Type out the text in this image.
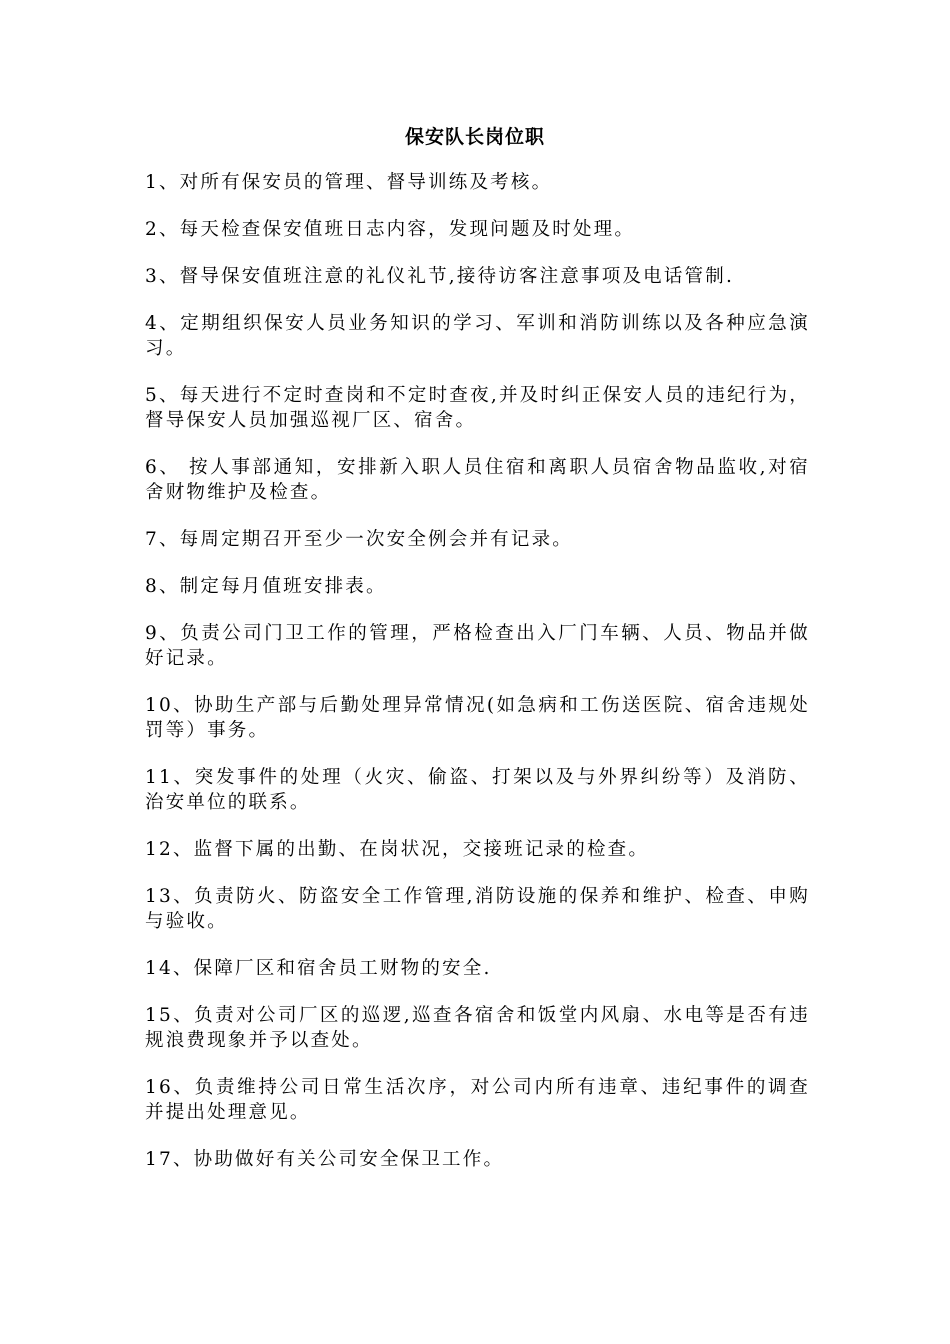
保安队长岗位职

1、对所有保安员的管理、督导训练及考核。

2、每天检查保安值班日志内容，发现问题及时处理。

3、督导保安值班注意的礼仪礼节,接待访客注意事项及电话管制.

4、定期组织保安人员业务知识的学习、军训和消防训练以及各种应急演习。

5、每天进行不定时查岗和不定时查夜,并及时纠正保安人员的违纪行为，督导保安人员加强巡视厂区、宿舍。

6、 按人事部通知，安排新入职人员住宿和离职人员宿舍物品监收,对宿舍财物维护及检查。

7、每周定期召开至少一次安全例会并有记录。

8、制定每月值班安排表。

9、负责公司门卫工作的管理，严格检查出入厂门车辆、人员、物品并做好记录。

10、协助生产部与后勤处理异常情况(如急病和工伤送医院、宿舍违规处罚等）事务。

11、突发事件的处理（火灾、偷盗、打架以及与外界纠纷等）及消防、治安单位的联系。

12、监督下属的出勤、在岗状况，交接班记录的检查。

13、负责防火、防盗安全工作管理,消防设施的保养和维护、检查、申购与验收。

14、保障厂区和宿舍员工财物的安全.

15、负责对公司厂区的巡逻,巡查各宿舍和饭堂内风扇、水电等是否有违规浪费现象并予以查处。

16、负责维持公司日常生活次序，对公司内所有违章、违纪事件的调查并提出处理意见。

17、协助做好有关公司安全保卫工作。
